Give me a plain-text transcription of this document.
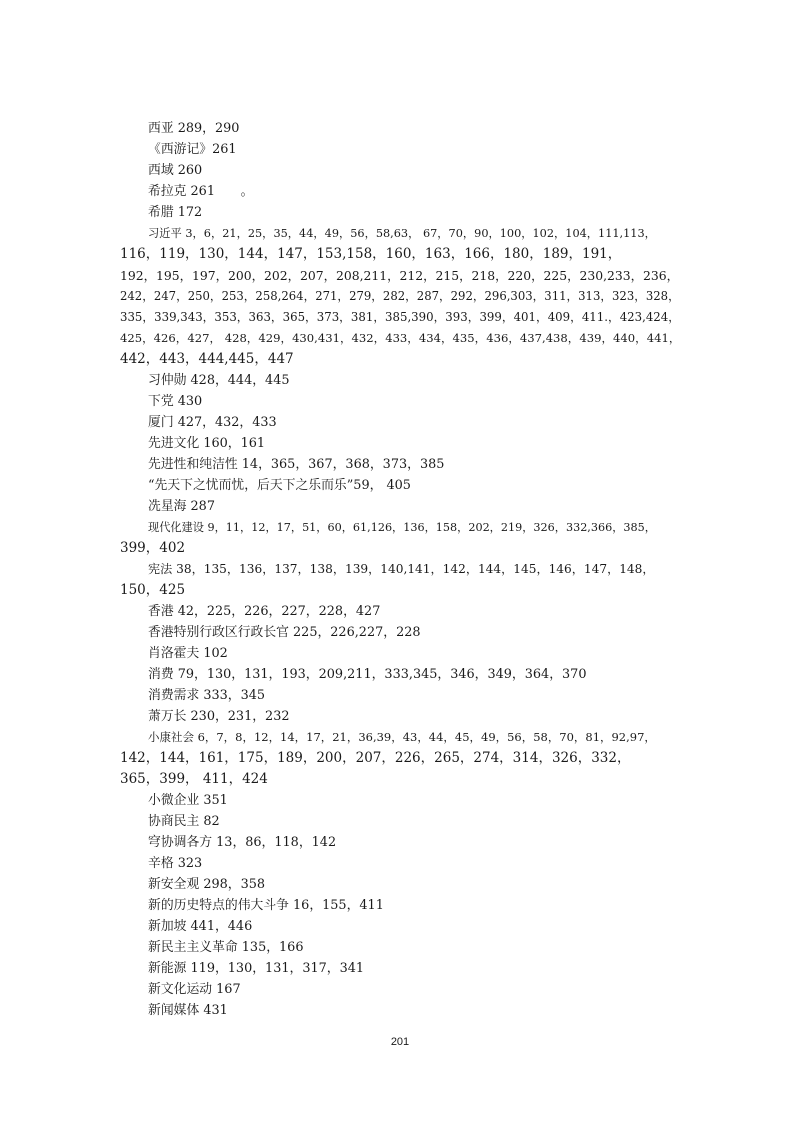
西亚 289，290
《西游记》261
西域 260
希拉克 261　　。
希腊 172
习近平 3，6，21，25，35，44，49，56，58,63， 67，70，90，100，102，104，111,113，
116，119，130，144，147，153,158，160，163，166，180，189，191，
192，195，197，200，202，207，208,211，212，215，218，220，225，230,233，236，
242，247，250，253，258,264，271，279，282，287，292，296,303，311，313，323，328，
335，339,343，353，363，365，373，381，385,390，393，399，401，409，411.，423,424，
425，426，427， 428，429，430,431，432，433，434，435，436，437,438，439，440，441，
442，443，444,445，447
习仲勋 428，444，445
下党 430
厦门 427，432，433
先进文化 160，161
先进性和纯洁性 14，365，367，368，373，385
“先天下之忧而忧，后天下之乐而乐”59， 405
冼星海 287
现代化建设 9，11，12，17，51，60，61,126，136，158，202，219，326，332,366，385，
399，402
宪法 38，135，136，137，138，139，140,141，142，144，145，146，147，148，
150，425
香港 42，225，226，227，228，427
香港特别行政区行政长官 225，226,227，228
肖洛霍夫 102
消费 79，130，131，193，209,211，333,345，346，349，364，370
消费需求 333，345
萧万长 230，231，232
小康社会 6，7，8，12，14，17，21，36,39，43，44，45，49，56，58，70，81，92,97，
142，144，161，175，189，200，207，226，265，274，314，326，332，
365，399， 411，424
小微企业 351
协商民主 82
穹协调各方 13，86，118，142
辛格 323
新安全观 298，358
新的历史特点的伟大斗争 16，155，411
新加坡 441，446
新民主主义革命 135，166
新能源 119，130，131，317，341
新文化运动 167
新闻媒体 431
201
